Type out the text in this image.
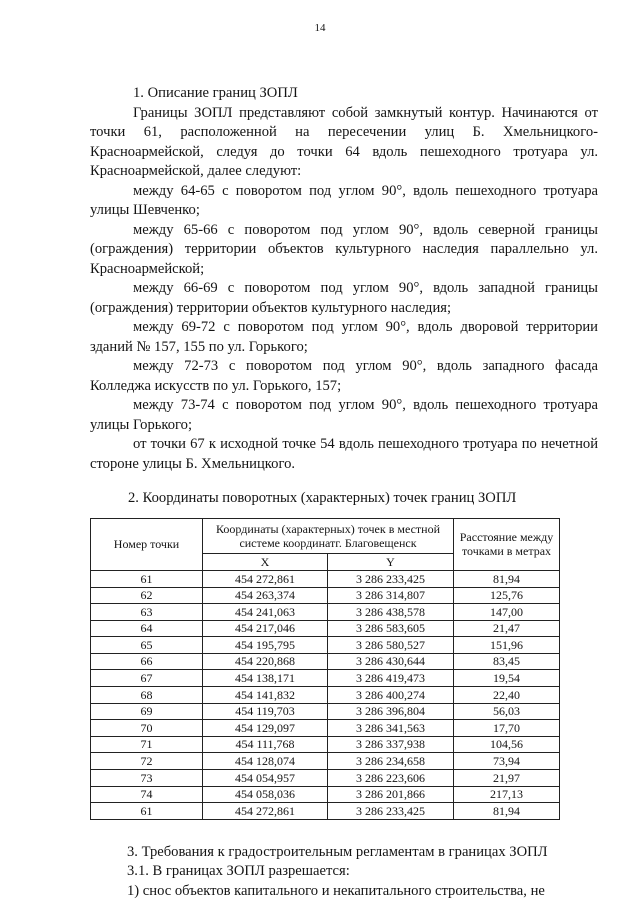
14

1. Описание границ ЗОПЛ

Границы ЗОПЛ представляют собой замкнутый контур. Начинаются от точки 61, расположенной на пересечении улиц Б. Хмельницкого-Красноармейской, следуя до точки 64 вдоль пешеходного тротуара ул. Красноармейской, далее следуют:

между 64-65 с поворотом под углом 90°, вдоль пешеходного тротуара улицы Шевченко;

между 65-66 с поворотом под углом 90°, вдоль северной границы (ограждения) территории объектов культурного наследия параллельно ул. Красноармейской;

между 66-69 с поворотом под углом 90°, вдоль западной границы (ограждения) территории объектов культурного наследия;

между 69-72 с поворотом под углом 90°, вдоль дворовой территории зданий № 157, 155 по ул. Горького;

между 72-73 с поворотом под углом 90°, вдоль западного фасада Колледжа искусств по ул. Горького, 157;

между 73-74 с поворотом под углом 90°, вдоль пешеходного тротуара улицы Горького;

от точки 67 к исходной точке 54 вдоль пешеходного тротуара по нечетной стороне улицы Б. Хмельницкого.

2. Координаты поворотных (характерных) точек границ ЗОПЛ

Номер точки	Координаты (характерных) точек в местной системе координатг. Благовещенск		Расстояние между точками в метрах
	X	Y	
61	454 272,861	3 286 233,425	81,94
62	454 263,374	3 286 314,807	125,76
63	454 241,063	3 286 438,578	147,00
64	454 217,046	3 286 583,605	21,47
65	454 195,795	3 286 580,527	151,96
66	454 220,868	3 286 430,644	83,45
67	454 138,171	3 286 419,473	19,54
68	454 141,832	3 286 400,274	22,40
69	454 119,703	3 286 396,804	56,03
70	454 129,097	3 286 341,563	17,70
71	454 111,768	3 286 337,938	104,56
72	454 128,074	3 286 234,658	73,94
73	454 054,957	3 286 223,606	21,97
74	454 058,036	3 286 201,866	217,13
61	454 272,861	3 286 233,425	81,94

3. Требования к градостроительным регламентам в границах ЗОПЛ

3.1. В границах ЗОПЛ разрешается:

1) снос объектов капитального и некапитального строительства, не
